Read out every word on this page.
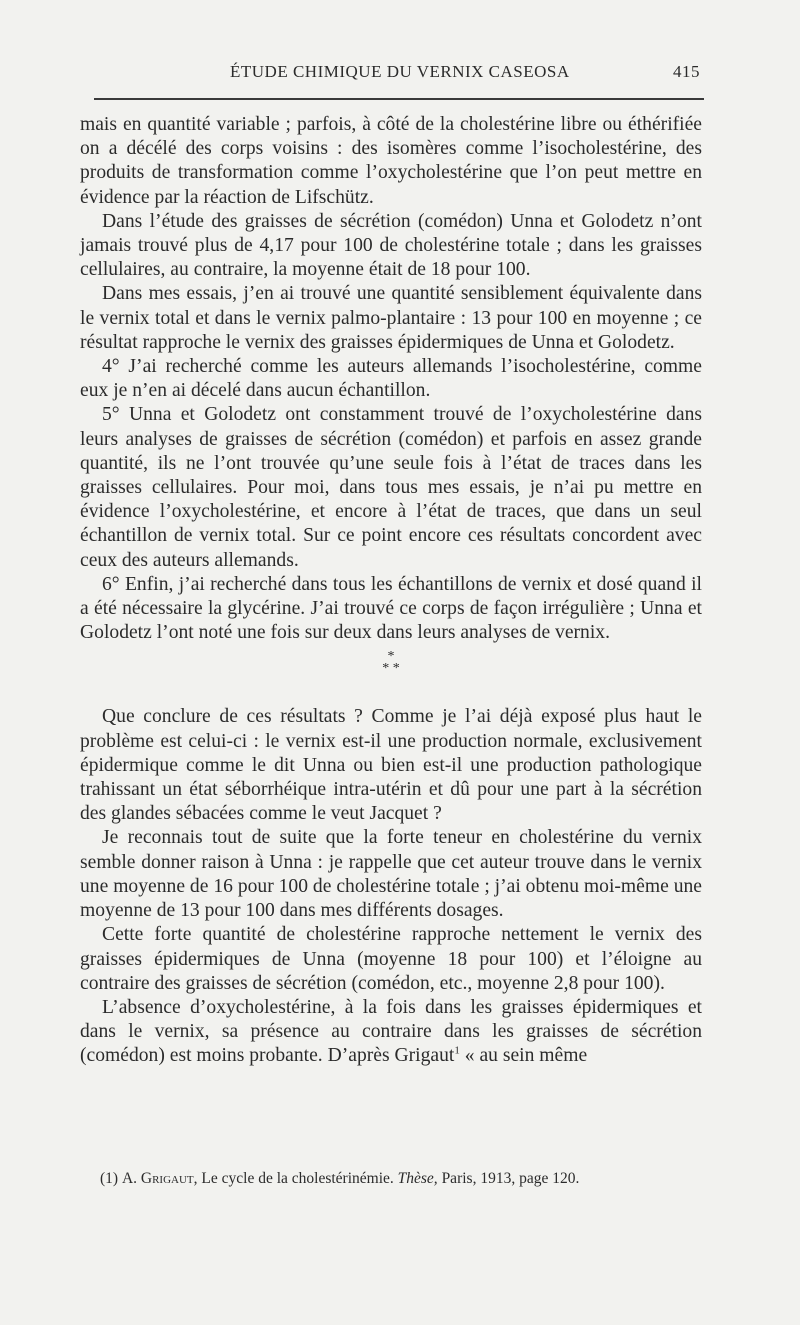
ÉTUDE CHIMIQUE DU VERNIX CASEOSA	415

mais en quantité variable ; parfois, à côté de la cholestérine libre ou éthérifiée on a décélé des corps voisins : des isomères comme l’isocholestérine, des produits de transformation comme l’oxycholestérine que l’on peut mettre en évidence par la réaction de Lifschütz.

Dans l’étude des graisses de sécrétion (comédon) Unna et Golodetz n’ont jamais trouvé plus de 4,17 pour 100 de cholestérine totale ; dans les graisses cellulaires, au contraire, la moyenne était de 18 pour 100.

Dans mes essais, j’en ai trouvé une quantité sensiblement équivalente dans le vernix total et dans le vernix palmo-plantaire : 13 pour 100 en moyenne ; ce résultat rapproche le vernix des graisses épidermiques de Unna et Golodetz.

4° J’ai recherché comme les auteurs allemands l’isocholestérine, comme eux je n’en ai décelé dans aucun échantillon.

5° Unna et Golodetz ont constamment trouvé de l’oxycholestérine dans leurs analyses de graisses de sécrétion (comédon) et parfois en assez grande quantité, ils ne l’ont trouvée qu’une seule fois à l’état de traces dans les graisses cellulaires. Pour moi, dans tous mes essais, je n’ai pu mettre en évidence l’oxycholestérine, et encore à l’état de traces, que dans un seul échantillon de vernix total. Sur ce point encore ces résultats concordent avec ceux des auteurs allemands.

6° Enfin, j’ai recherché dans tous les échantillons de vernix et dosé quand il a été nécessaire la glycérine. J’ai trouvé ce corps de façon irrégulière ; Unna et Golodetz l’ont noté une fois sur deux dans leurs analyses de vernix.

*
* *

Que conclure de ces résultats ? Comme je l’ai déjà exposé plus haut le problème est celui-ci : le vernix est-il une production normale, exclusivement épidermique comme le dit Unna ou bien est-il une production pathologique trahissant un état séborrhéique intra-utérin et dû pour une part à la sécrétion des glandes sébacées comme le veut Jacquet ?

Je reconnais tout de suite que la forte teneur en cholestérine du vernix semble donner raison à Unna : je rappelle que cet auteur trouve dans le vernix une moyenne de 16 pour 100 de cholestérine totale ; j’ai obtenu moi-même une moyenne de 13 pour 100 dans mes différents dosages.

Cette forte quantité de cholestérine rapproche nettement le vernix des graisses épidermiques de Unna (moyenne 18 pour 100) et l’éloigne au contraire des graisses de sécrétion (comédon, etc., moyenne 2,8 pour 100).

L’absence d’oxycholestérine, à la fois dans les graisses épidermiques et dans le vernix, sa présence au contraire dans les graisses de sécrétion (comédon) est moins probante. D’après Grigaut$^1$ « au sein même

(1) A. Grigaut, Le cycle de la cholestérinémie. Thèse, Paris, 1913, page 120.
